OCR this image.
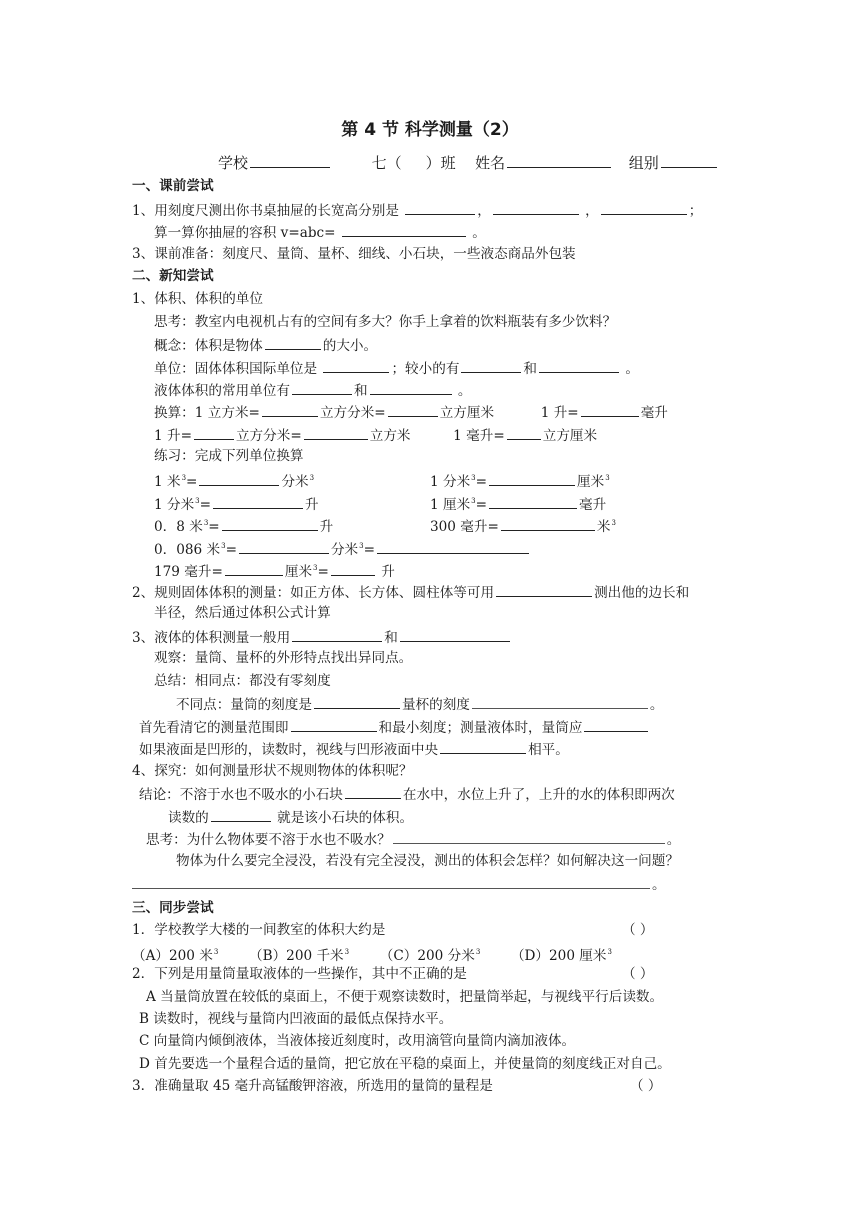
第 4 节 科学测量（2）
学校	七（ ）班 姓名	组别
一、课前尝试
1、用刻度尺测出你书桌抽屉的长宽高分别是	，	，	；
算一算你抽屉的容积 v=abc=	。
3、课前准备：刻度尺、量筒、量杯、细线、小石块，一些液态商品外包装
二、新知尝试
1、体积、体积的单位
思考：教室内电视机占有的空间有多大？你手上拿着的饮料瓶装有多少饮料？
概念：体积是物体	的大小。
单位：固体体积国际单位是	；较小的有	和	。
液体体积的常用单位有	和	。
换算：1 立方米=	立方分米=	立方厘米	1 升=	毫升
1 升=	立方分米=	立方米	1 毫升=	立方厘米
练习：完成下列单位换算
1 米$^3$=	分米$^3$	1 分米$^3$=	厘米$^3$
1 分米$^3$=	升	1 厘米$^3$=	毫升
0．8 米$^3$=	升	300 毫升=	米$^3$
0．086 米$^3$=	分米$^3$=
179 毫升=	厘米$^3$=	升
2、规则固体体积的测量：如正方体、长方体、圆柱体等可用	测出他的边长和
半径，然后通过体积公式计算
3、液体的体积测量一般用	和
观察：量筒、量杯的外形特点找出异同点。
总结：相同点：都没有零刻度
不同点：量筒的刻度是	量杯的刻度	。
首先看清它的测量范围即	和最小刻度；测量液体时，量筒应
如果液面是凹形的，读数时，视线与凹形液面中央	相平。
4、探究：如何测量形状不规则物体的体积呢？
结论：不溶于水也不吸水的小石块	在水中，水位上升了，上升的水的体积即两次
读数的	就是该小石块的体积。
思考：为什么物体要不溶于水也不吸水？	。
物体为什么要完全浸没，若没有完全浸没，测出的体积会怎样？如何解决这一问题？
。
三、同步尝试
1．学校教学大楼的一间教室的体积大约是	（ ）
（A）200 米$^3$ （B）200 千米$^3$ （C）200 分米$^3$ （D）200 厘米$^3$
2．下列是用量筒量取液体的一些操作，其中不正确的是	（ ）
A 当量筒放置在较低的桌面上，不便于观察读数时，把量筒举起，与视线平行后读数。
B 读数时，视线与量筒内凹液面的最低点保持水平。
C 向量筒内倾倒液体，当液体接近刻度时，改用滴管向量筒内滴加液体。
D 首先要选一个量程合适的量筒，把它放在平稳的桌面上，并使量筒的刻度线正对自己。
3．准确量取 45 毫升高锰酸钾溶液，所选用的量筒的量程是	（ ）
